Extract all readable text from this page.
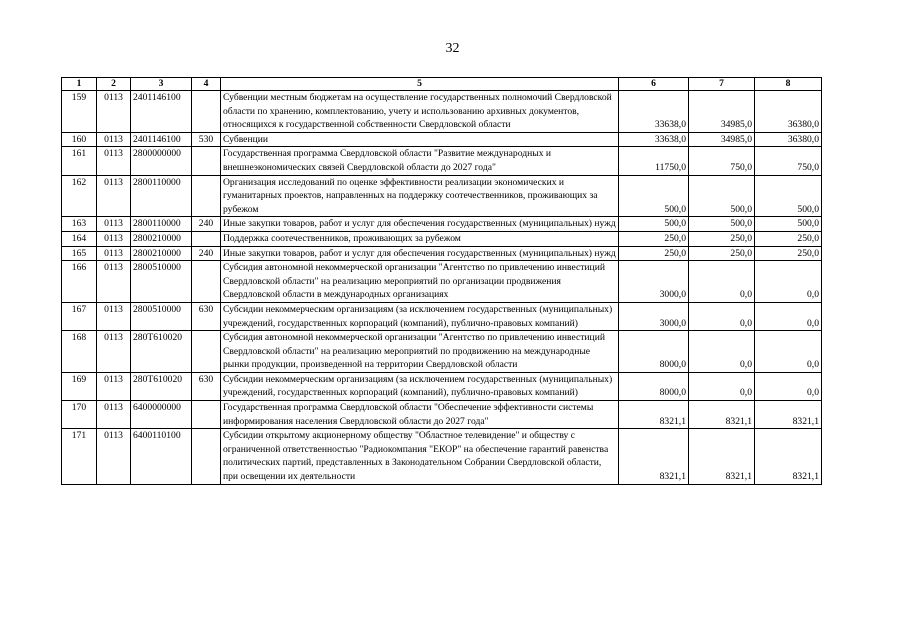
32
1	2	3	4	5	6	7	8
159	0113	2401146100		Субвенции местным бюджетам на осуществление государственных полномочий Свердловской области по хранению, комплектованию, учету и использованию архивных документов, относящихся к государственной собственности Свердловской области	33638,0	34985,0	36380,0
160	0113	2401146100	530	Субвенции	33638,0	34985,0	36380,0
161	0113	2800000000		Государственная программа Свердловской области "Развитие международных и внешнеэкономических связей Свердловской области до 2027 года"	11750,0	750,0	750,0
162	0113	2800110000		Организация исследований по оценке эффективности реализации экономических и гуманитарных проектов, направленных на поддержку соотечественников, проживающих за рубежом	500,0	500,0	500,0
163	0113	2800110000	240	Иные закупки товаров, работ и услуг для обеспечения государственных (муниципальных) нужд	500,0	500,0	500,0
164	0113	2800210000		Поддержка соотечественников, проживающих за рубежом	250,0	250,0	250,0
165	0113	2800210000	240	Иные закупки товаров, работ и услуг для обеспечения государственных (муниципальных) нужд	250,0	250,0	250,0
166	0113	2800510000		Субсидия автономной некоммерческой организации "Агентство по привлечению инвестиций Свердловской области" на реализацию мероприятий по организации продвижения Свердловской области в международных организациях	3000,0	0,0	0,0
167	0113	2800510000	630	Субсидии некоммерческим организациям (за исключением государственных (муниципальных) учреждений, государственных корпораций (компаний), публично-правовых компаний)	3000,0	0,0	0,0
168	0113	280Т610020		Субсидия автономной некоммерческой организации "Агентство по привлечению инвестиций Свердловской области" на реализацию мероприятий по продвижению на международные рынки продукции, произведенной на территории Свердловской области	8000,0	0,0	0,0
169	0113	280Т610020	630	Субсидии некоммерческим организациям (за исключением государственных (муниципальных) учреждений, государственных корпораций (компаний), публично-правовых компаний)	8000,0	0,0	0,0
170	0113	6400000000		Государственная программа Свердловской области "Обеспечение эффективности системы информирования населения Свердловской области до 2027 года"	8321,1	8321,1	8321,1
171	0113	6400110100		Субсидии открытому акционерному обществу "Областное телевидение" и обществу с ограниченной ответственностью "Радиокомпания "ЕКОР" на обеспечение гарантий равенства политических партий, представленных в Законодательном Собрании Свердловской области, при освещении их деятельности	8321,1	8321,1	8321,1
